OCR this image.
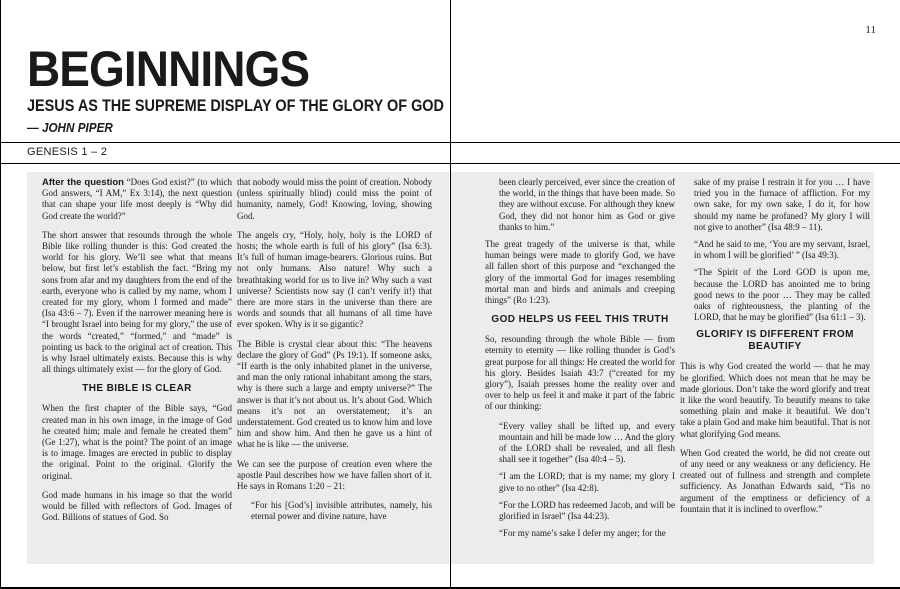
11
BEGINNINGS
JESUS AS THE SUPREME DISPLAY OF THE GLORY OF GOD
— JOHN PIPER
GENESIS 1 – 2

After the question “Does God exist?” (to which God answers, “I AM,” Ex 3:14), the next question that can shape your life most deeply is “Why did God create the world?”

The short answer that resounds through the whole Bible like rolling thunder is this: God created the world for his glory. We’ll see what that means below, but first let’s establish the fact. “Bring my sons from afar and my daughters from the end of the earth, everyone who is called by my name, whom I created for my glory, whom I formed and made” (Isa 43:6 – 7). Even if the narrower meaning here is “I brought Israel into being for my glory,” the use of the words “created,” “formed,” and “made” is pointing us back to the original act of creation. This is why Israel ultimately exists. Because this is why all things ultimately exist — for the glory of God.

THE BIBLE IS CLEAR

When the first chapter of the Bible says, “God created man in his own image, in the image of God he created him; male and female he created them” (Ge 1:27), what is the point? The point of an image is to image. Images are erected in public to display the original. Point to the original. Glorify the original.

God made humans in his image so that the world would be filled with reflectors of God. Images of God. Billions of statues of God. So

that nobody would miss the point of creation. Nobody (unless spiritually blind) could miss the point of humanity, namely, God! Knowing, loving, showing God.

The angels cry, “Holy, holy, holy is the LORD of hosts; the whole earth is full of his glory” (Isa 6:3). It’s full of human image-bearers. Glorious ruins. But not only humans. Also nature! Why such a breathtaking world for us to live in? Why such a vast universe? Scientists now say (I can’t verify it!) that there are more stars in the universe than there are words and sounds that all humans of all time have ever spoken. Why is it so gigantic?

The Bible is crystal clear about this: “The heavens declare the glory of God” (Ps 19:1). If someone asks, “If earth is the only inhabited planet in the universe, and man the only rational inhabitant among the stars, why is there such a large and empty universe?” The answer is that it’s not about us. It’s about God. Which means it’s not an overstatement; it’s an understatement. God created us to know him and love him and show him. And then he gave us a hint of what he is like — the universe.

We can see the purpose of creation even where the apostle Paul describes how we have fallen short of it. He says in Romans 1:20 – 21:

“For his [God’s] invisible attributes, namely, his eternal power and divine nature, have

been clearly perceived, ever since the creation of the world, in the things that have been made. So they are without excuse. For although they knew God, they did not honor him as God or give thanks to him.”

The great tragedy of the universe is that, while human beings were made to glorify God, we have all fallen short of this purpose and “exchanged the glory of the immortal God for images resembling mortal man and birds and animals and creeping things” (Ro 1:23).

GOD HELPS US FEEL THIS TRUTH

So, resounding through the whole Bible — from eternity to eternity — like rolling thunder is God’s great purpose for all things: He created the world for his glory. Besides Isaiah 43:7 (“created for my glory”), Isaiah presses home the reality over and over to help us feel it and make it part of the fabric of our thinking:

“Every valley shall be lifted up, and every mountain and hill be made low … And the glory of the LORD shall be revealed, and all flesh shall see it together” (Isa 40:4 – 5).

“I am the LORD; that is my name; my glory I give to no other” (Isa 42:8).

“For the LORD has redeemed Jacob, and will be glorified in Israel” (Isa 44:23).

“For my name’s sake I defer my anger; for the

sake of my praise I restrain it for you … I have tried you in the furnace of affliction. For my own sake, for my own sake, I do it, for how should my name be profaned? My glory I will not give to another” (Isa 48:9 – 11).

“And he said to me, ‘You are my servant, Israel, in whom I will be glorified’ ” (Isa 49:3).

“The Spirit of the Lord GOD is upon me, because the LORD has anointed me to bring good news to the poor … They may be called oaks of righteousness, the planting of the LORD, that he may be glorified” (Isa 61:1 – 3).

GLORIFY IS DIFFERENT FROM BEAUTIFY

This is why God created the world — that he may be glorified. Which does not mean that he may be made glorious. Don’t take the word glorify and treat it like the word beautify. To beautify means to take something plain and make it beautiful. We don’t take a plain God and make him beautiful. That is not what glorifying God means.

When God created the world, he did not create out of any need or any weakness or any deficiency. He created out of fullness and strength and complete sufficiency. As Jonathan Edwards said, “Tis no argument of the emptiness or deficiency of a fountain that it is inclined to overflow.”
